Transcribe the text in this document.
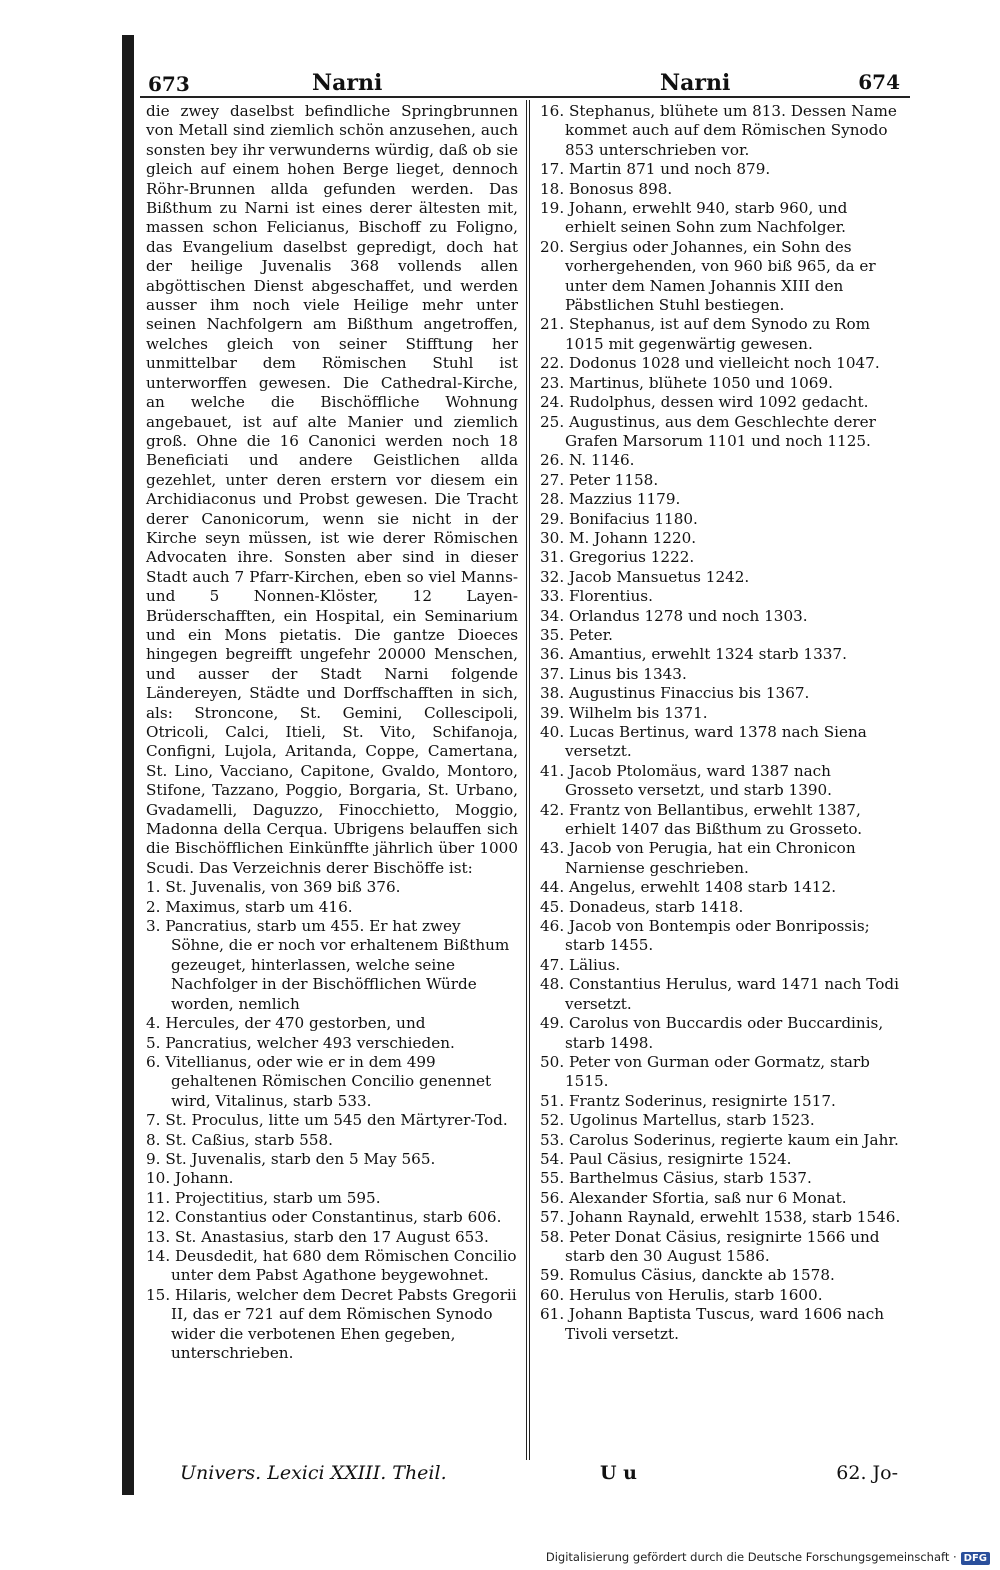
673	Narni	Narni	674

die zwey daselbst befindliche Springbrunnen von Metall sind ziemlich schön anzusehen, auch sonsten bey ihr verwunderns würdig, daß ob sie gleich auf einem hohen Berge lieget, dennoch Röhr-Brunnen allda gefunden werden. Das Bißthum zu Narni ist eines derer ältesten mit, massen schon Felicianus, Bischoff zu Foligno, das Evangelium daselbst gepredigt, doch hat der heilige Juvenalis 368 vollends allen abgöttischen Dienst abgeschaffet, und werden ausser ihm noch viele Heilige mehr unter seinen Nachfolgern am Bißthum angetroffen, welches gleich von seiner Stifftung her unmittelbar dem Römischen Stuhl ist unterworffen gewesen. Die Cathedral-Kirche, an welche die Bischöffliche Wohnung angebauet, ist auf alte Manier und ziemlich groß. Ohne die 16 Canonici werden noch 18 Beneficiati und andere Geistlichen allda gezehlet, unter deren erstern vor diesem ein Archidiaconus und Probst gewesen. Die Tracht derer Canonicorum, wenn sie nicht in der Kirche seyn müssen, ist wie derer Römischen Advocaten ihre. Sonsten aber sind in dieser Stadt auch 7 Pfarr-Kirchen, eben so viel Manns- und 5 Nonnen-Klöster, 12 Layen-Brüderschafften, ein Hospital, ein Seminarium und ein Mons pietatis. Die gantze Dioeces hingegen begreifft ungefehr 20000 Menschen, und ausser der Stadt Narni folgende Ländereyen, Städte und Dorffschafften in sich, als: Stroncone, St. Gemini, Collescipoli, Otricoli, Calci, Itieli, St. Vito, Schifanoja, Configni, Lujola, Aritanda, Coppe, Camertana, St. Lino, Vacciano, Capitone, Gvaldo, Montoro, Stifone, Tazzano, Poggio, Borgaria, St. Urbano, Gvadamelli, Daguzzo, Finocchietto, Moggio, Madonna della Cerqua. Ubrigens belauffen sich die Bischöfflichen Einkünffte jährlich über 1000 Scudi. Das Verzeichnis derer Bischöffe ist:

1. St. Juvenalis, von 369 biß 376.

2. Maximus, starb um 416.

3. Pancratius, starb um 455. Er hat zwey Söhne, die er noch vor erhaltenem Bißthum gezeuget, hinterlassen, welche seine Nachfolger in der Bischöfflichen Würde worden, nemlich

4. Hercules, der 470 gestorben, und

5. Pancratius, welcher 493 verschieden.

6. Vitellianus, oder wie er in dem 499 gehaltenen Römischen Concilio genennet wird, Vitalinus, starb 533.

7. St. Proculus, litte um 545 den Märtyrer-Tod.

8. St. Caßius, starb 558.

9. St. Juvenalis, starb den 5 May 565.

10. Johann.

11. Projectitius, starb um 595.

12. Constantius oder Constantinus, starb 606.

13. St. Anastasius, starb den 17 August 653.

14. Deusdedit, hat 680 dem Römischen Concilio unter dem Pabst Agathone beygewohnet.

15. Hilaris, welcher dem Decret Pabsts Gregorii II, das er 721 auf dem Römischen Synodo wider die verbotenen Ehen gegeben, unterschrieben.

16. Stephanus, blühete um 813. Dessen Name kommet auch auf dem Römischen Synodo 853 unterschrieben vor.

17. Martin 871 und noch 879.

18. Bonosus 898.

19. Johann, erwehlt 940, starb 960, und erhielt seinen Sohn zum Nachfolger.

20. Sergius oder Johannes, ein Sohn des vorhergehenden, von 960 biß 965, da er unter dem Namen Johannis XIII den Päbstlichen Stuhl bestiegen.

21. Stephanus, ist auf dem Synodo zu Rom 1015 mit gegenwärtig gewesen.

22. Dodonus 1028 und vielleicht noch 1047.

23. Martinus, blühete 1050 und 1069.

24. Rudolphus, dessen wird 1092 gedacht.

25. Augustinus, aus dem Geschlechte derer Grafen Marsorum 1101 und noch 1125.

26. N. 1146.

27. Peter 1158.

28. Mazzius 1179.

29. Bonifacius 1180.

30. M. Johann 1220.

31. Gregorius 1222.

32. Jacob Mansuetus 1242.

33. Florentius.

34. Orlandus 1278 und noch 1303.

35. Peter.

36. Amantius, erwehlt 1324 starb 1337.

37. Linus bis 1343.

38. Augustinus Finaccius bis 1367.

39. Wilhelm bis 1371.

40. Lucas Bertinus, ward 1378 nach Siena versetzt.

41. Jacob Ptolomäus, ward 1387 nach Grosseto versetzt, und starb 1390.

42. Frantz von Bellantibus, erwehlt 1387, erhielt 1407 das Bißthum zu Grosseto.

43. Jacob von Perugia, hat ein Chronicon Narniense geschrieben.

44. Angelus, erwehlt 1408 starb 1412.

45. Donadeus, starb 1418.

46. Jacob von Bontempis oder Bonripossis; starb 1455.

47. Lälius.

48. Constantius Herulus, ward 1471 nach Todi versetzt.

49. Carolus von Buccardis oder Buccardinis, starb 1498.

50. Peter von Gurman oder Gormatz, starb 1515.

51. Frantz Soderinus, resignirte 1517.

52. Ugolinus Martellus, starb 1523.

53. Carolus Soderinus, regierte kaum ein Jahr.

54. Paul Cäsius, resignirte 1524.

55. Barthelmus Cäsius, starb 1537.

56. Alexander Sfortia, saß nur 6 Monat.

57. Johann Raynald, erwehlt 1538, starb 1546.

58. Peter Donat Cäsius, resignirte 1566 und starb den 30 August 1586.

59. Romulus Cäsius, danckte ab 1578.

60. Herulus von Herulis, starb 1600.

61. Johann Baptista Tuscus, ward 1606 nach Tivoli versetzt.

Univers. Lexici XXIII. Theil.	U u	62. Jo-
Digitalisierung gefördert durch die Deutsche Forschungsgemeinschaft · DFG
